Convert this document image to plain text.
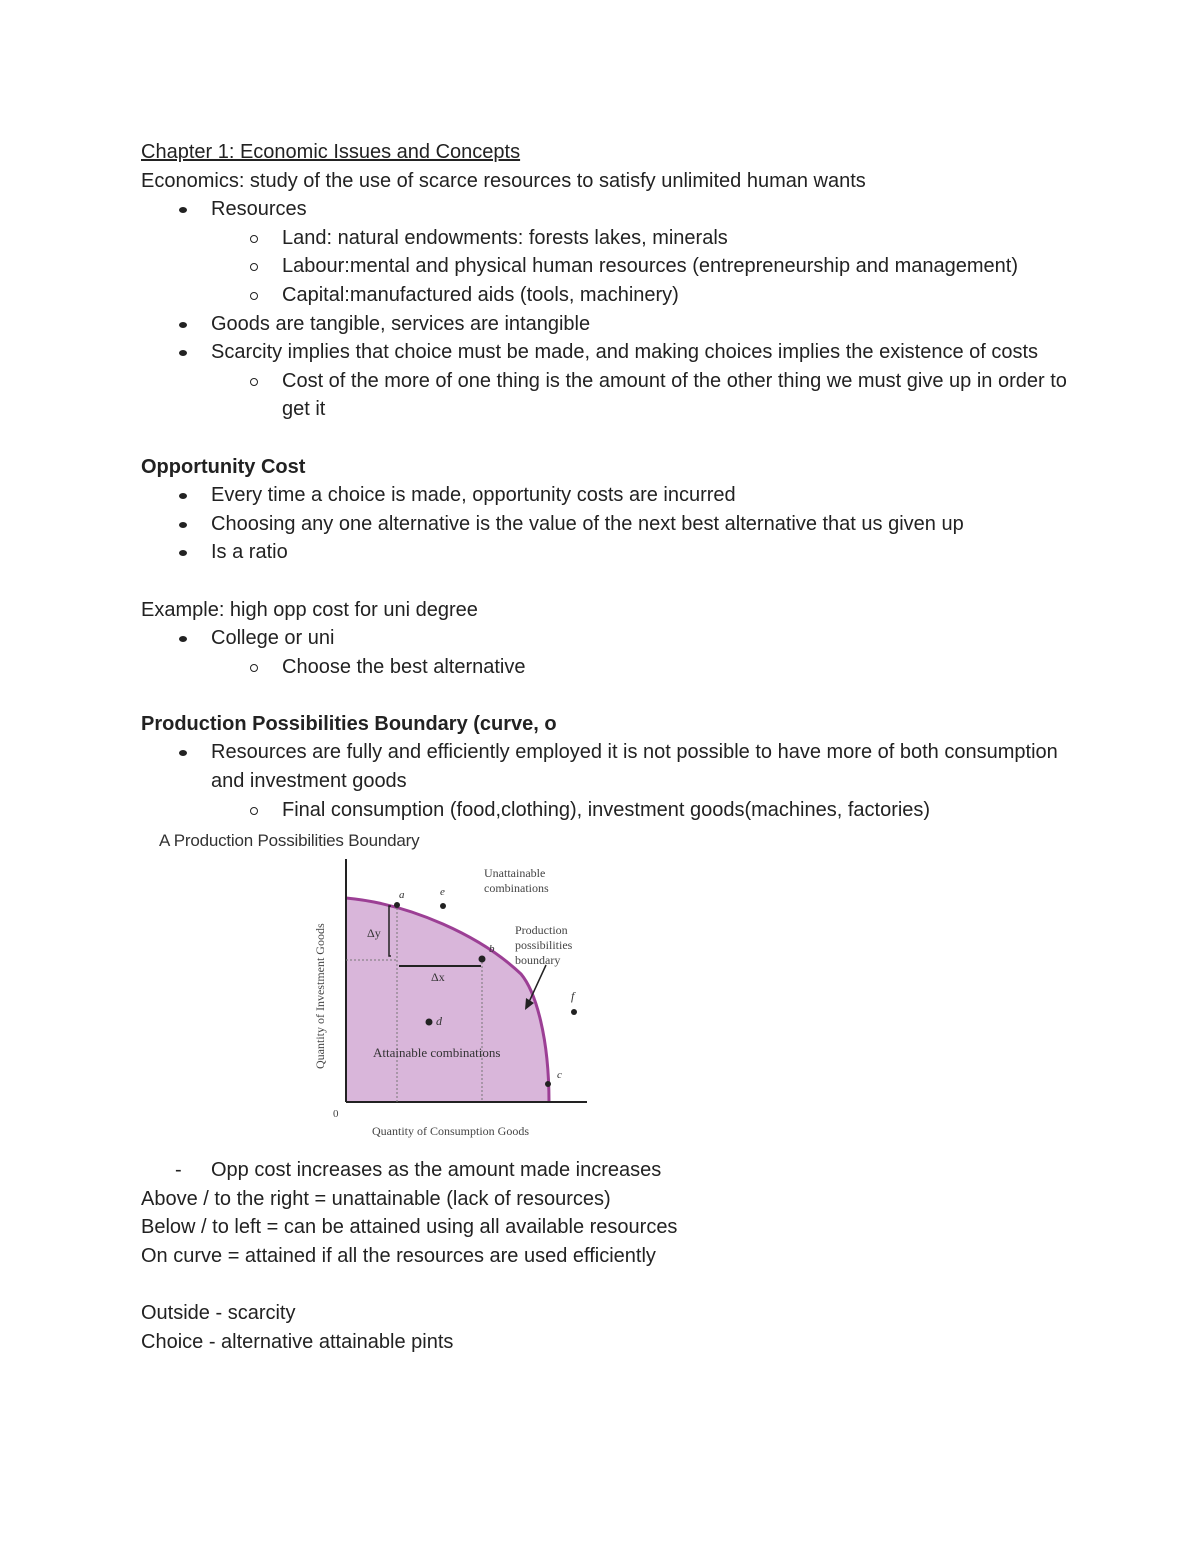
Chapter 1: Economic Issues and Concepts
Economics: study of the use of scarce resources to satisfy unlimited human wants
Resources
Land: natural endowments: forests lakes, minerals
Labour:mental and physical human resources (entrepreneurship and management)
Capital:manufactured aids (tools, machinery)
Goods are tangible, services are intangible
Scarcity implies that choice must be made, and making choices implies the existence of costs
Cost of the more of one thing is the amount of the other thing we must give up in order to get it
Opportunity Cost
Every time a choice is made, opportunity costs are incurred
Choosing any one alternative is the value of the next best alternative that us given up
Is a ratio
Example: high opp cost for uni degree
College or uni
Choose the best alternative
Production Possibilities Boundary (curve, o
Resources are fully and efficiently employed it is not possible to have more of both consumption and investment goods
Final consumption (food,clothing), investment goods(machines, factories)
A Production Possibilities Boundary
a
b
c
d
e
f
Δy
Δx
Unattainable
combinations
Production
possibilities
boundary
Attainable combinations
0
Quantity of Consumption Goods
Quantity of Investment Goods
- Opp cost increases as the amount made increases
Above / to the right = unattainable (lack of resources)
Below / to left = can be attained using all available resources
On curve = attained if all the resources are used efficiently
Outside - scarcity
Choice - alternative attainable pints
